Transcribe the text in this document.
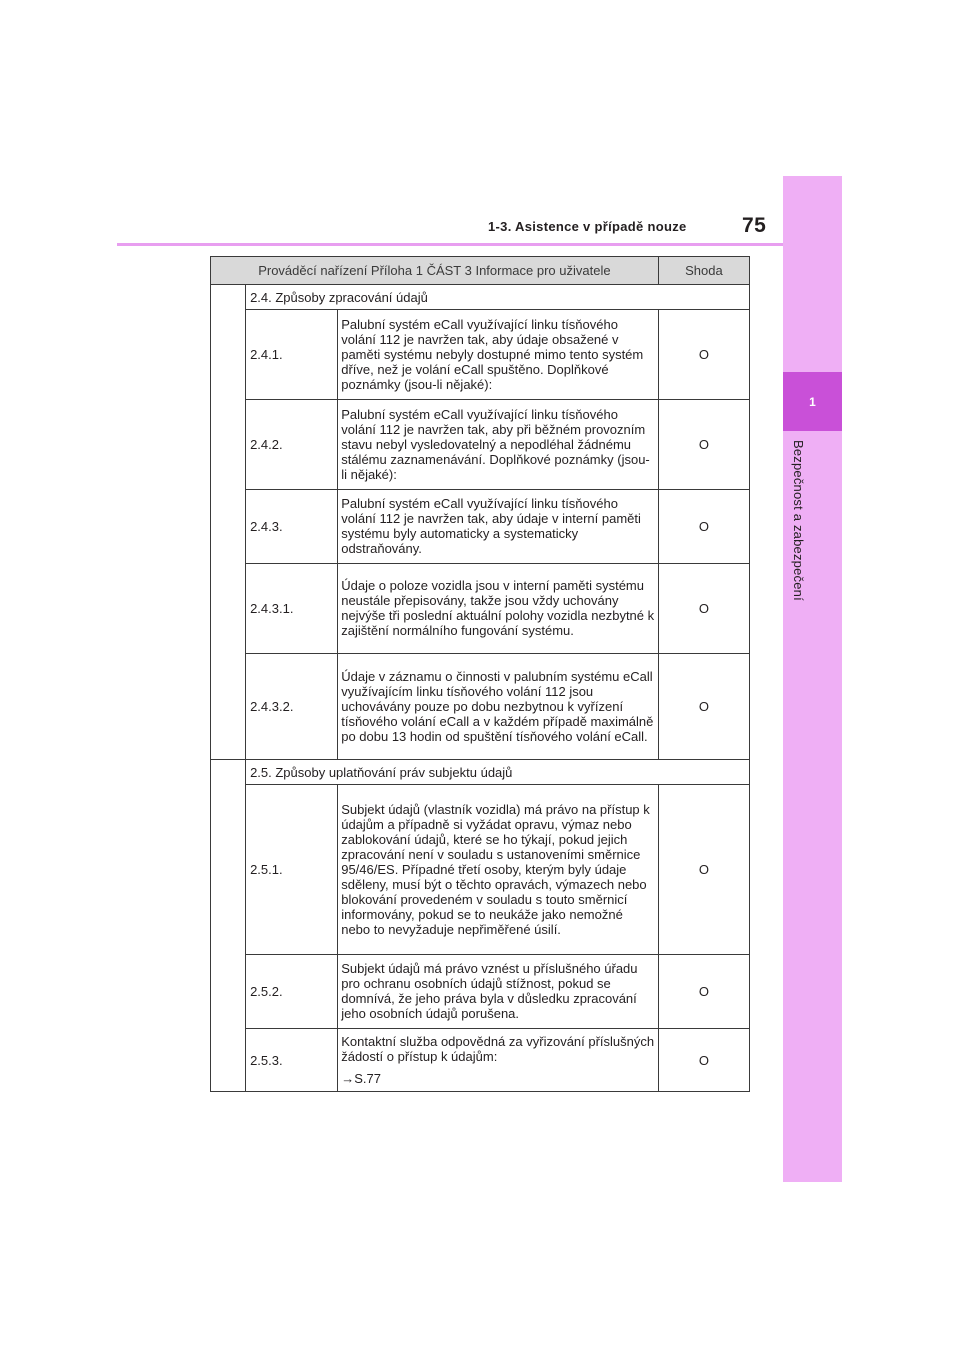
1
Bezpečnost a zabezpečení
1-3. Asistence v případě nouze	75
Prováděcí nařízení Příloha 1 ČÁST 3 Informace pro uživatele			Shoda
	2.4. Způsoby zpracování údajů		
	2.4.1.	Palubní systém eCall využívající linku tísňového volání 112 je navržen tak, aby údaje obsažené v paměti systému nebyly dostupné mimo tento systém dříve, než je volání eCall spuštěno. Doplňkové poznámky (jsou-li nějaké):	O
	2.4.2.	Palubní systém eCall využívající linku tísňového volání 112 je navržen tak, aby při běžném provozním stavu nebyl vysledovatelný a nepodléhal žádnému stálému zaznamenávání. Doplňkové poznámky (jsou-li nějaké):	O
	2.4.3.	Palubní systém eCall využívající linku tísňového volání 112 je navržen tak, aby údaje v interní paměti systému byly automaticky a systematicky odstraňovány.	O
	2.4.3.1.	Údaje o poloze vozidla jsou v interní paměti systému neustále přepisovány, takže jsou vždy uchovány nejvýše tři poslední aktuální polohy vozidla nezbytné k zajištění normálního fungování systému.	O
	2.4.3.2.	Údaje v záznamu o činnosti v palubním systému eCall využívajícím linku tísňového volání 112 jsou uchovávány pouze po dobu nezbytnou k vyřízení tísňového volání eCall a v každém případě maximálně po dobu 13 hodin od spuštění tísňového volání eCall.	O
	2.5. Způsoby uplatňování práv subjektu údajů		
	2.5.1.	Subjekt údajů (vlastník vozidla) má právo na přístup k údajům a případně si vyžádat opravu, výmaz nebo zablokování údajů, které se ho týkají, pokud jejich zpracování není v souladu s ustanoveními směrnice 95/46/ES. Případné třetí osoby, kterým byly údaje sděleny, musí být o těchto opravách, výmazech nebo blokování provedeném v souladu s touto směrnicí informovány, pokud se to neukáže jako nemožné nebo to nevyžaduje nepřiměřené úsilí.	O
	2.5.2.	Subjekt údajů má právo vznést u příslušného úřadu pro ochranu osobních údajů stížnost, pokud se domnívá, že jeho práva byla v důsledku zpracování jeho osobních údajů porušena.	O
	2.5.3.	Kontaktní služba odpovědná za vyřizování příslušných žádostí o přístup k údajům:
→S.77	O
